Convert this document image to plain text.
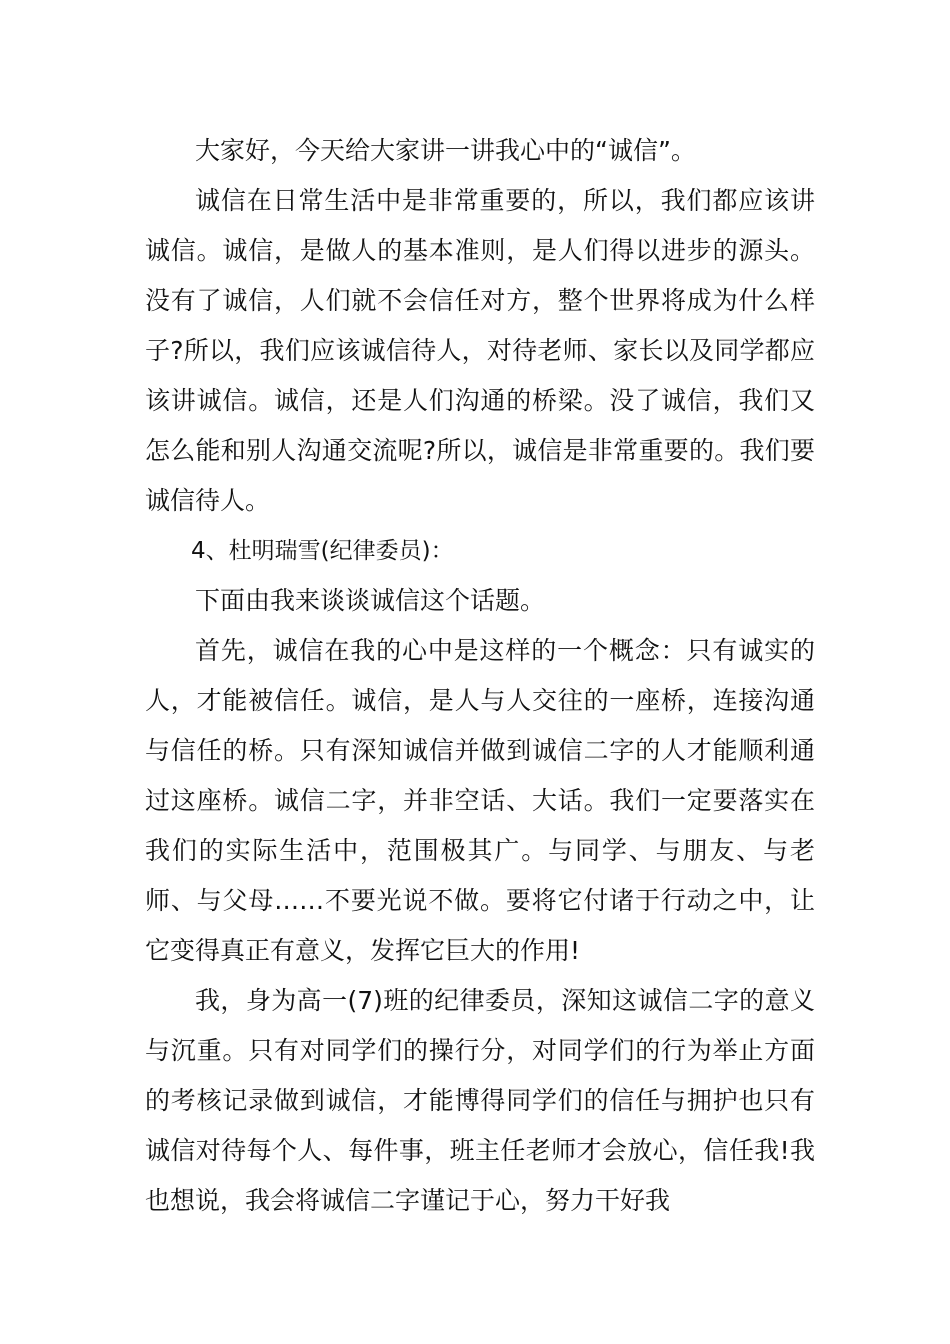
大家好，今天给大家讲一讲我心中的“诚信”。

诚信在日常生活中是非常重要的，所以，我们都应该讲诚信。诚信，是做人的基本准则，是人们得以进步的源头。没有了诚信，人们就不会信任对方，整个世界将成为什么样子?所以，我们应该诚信待人，对待老师、家长以及同学都应该讲诚信。诚信，还是人们沟通的桥梁。没了诚信，我们又怎么能和别人沟通交流呢?所以，诚信是非常重要的。我们要诚信待人。

4、杜明瑞雪(纪律委员)：

下面由我来谈谈诚信这个话题。

首先，诚信在我的心中是这样的一个概念：只有诚实的人，才能被信任。诚信，是人与人交往的一座桥，连接沟通与信任的桥。只有深知诚信并做到诚信二字的人才能顺利通过这座桥。诚信二字，并非空话、大话。我们一定要落实在我们的实际生活中，范围极其广。与同学、与朋友、与老师、与父母……不要光说不做。要将它付诸于行动之中，让它变得真正有意义，发挥它巨大的作用!

我，身为高一(7)班的纪律委员，深知这诚信二字的意义与沉重。只有对同学们的操行分，对同学们的行为举止方面的考核记录做到诚信，才能博得同学们的信任与拥护也只有诚信对待每个人、每件事，班主任老师才会放心，信任我!我也想说，我会将诚信二字谨记于心，努力干好我
